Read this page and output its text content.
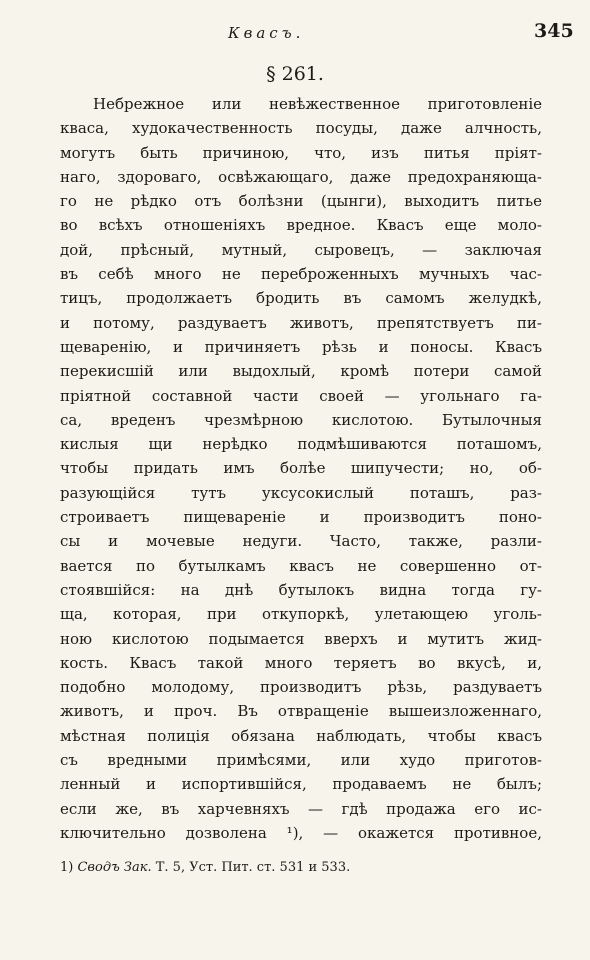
Квасъ.	345
§ 261.
Небрежное или невѣжественное приготовленіе
кваса, худокачественность посуды, даже алчность,
могутъ быть причиною, что, изъ питья пріят-
наго, здороваго, освѣжающаго, даже предохраняюща-
го не рѣдко отъ болѣзни (цынги), выходитъ питье
во всѣхъ отношеніяхъ вредное. Квасъ еще моло-
дой, прѣсный, мутный, сыровецъ, — заключая
въ себѣ много не переброженныхъ мучныхъ час-
тицъ, продолжаетъ бродить въ самомъ желудкѣ,
и потому, раздуваетъ животъ, препятствуетъ пи-
щеваренію, и причиняетъ рѣзь и поносы. Квасъ
перекисшій или выдохлый, кромѣ потери самой
пріятной составной части своей — угольнаго га-
са, вреденъ чрезмѣрною кислотою. Бутылочныя
кислыя щи нерѣдко подмѣшиваются поташомъ,
чтобы придать имъ болѣе шипучести; но, об-
разующійся тутъ уксусокислый поташъ, раз-
строиваетъ пищевареніе и производитъ поно-
сы и мочевые недуги. Часто, также, разли-
вается по бутылкамъ квасъ не совершенно от-
стоявшійся: на днѣ бутылокъ видна тогда гу-
ща, которая, при откупоркѣ, улетающею уголь-
ною кислотою подымается вверхъ и мутитъ жид-
кость. Квасъ такой много теряетъ во вкусѣ, и,
подобно молодому, производитъ рѣзь, раздуваетъ
животъ, и проч. Въ отвращеніе вышеизложеннаго,
мѣстная полиція обязана наблюдать, чтобы квасъ
съ вредными примѣсями, или худо приготов-
ленный и испортившійся, продаваемъ не былъ;
если же, въ харчевняхъ — гдѣ продажа его ис-
ключительно дозволена ¹), — окажется противное,
1) Сводъ Зак. Т. 5, Уст. Пит. ст. 531 и 533.
